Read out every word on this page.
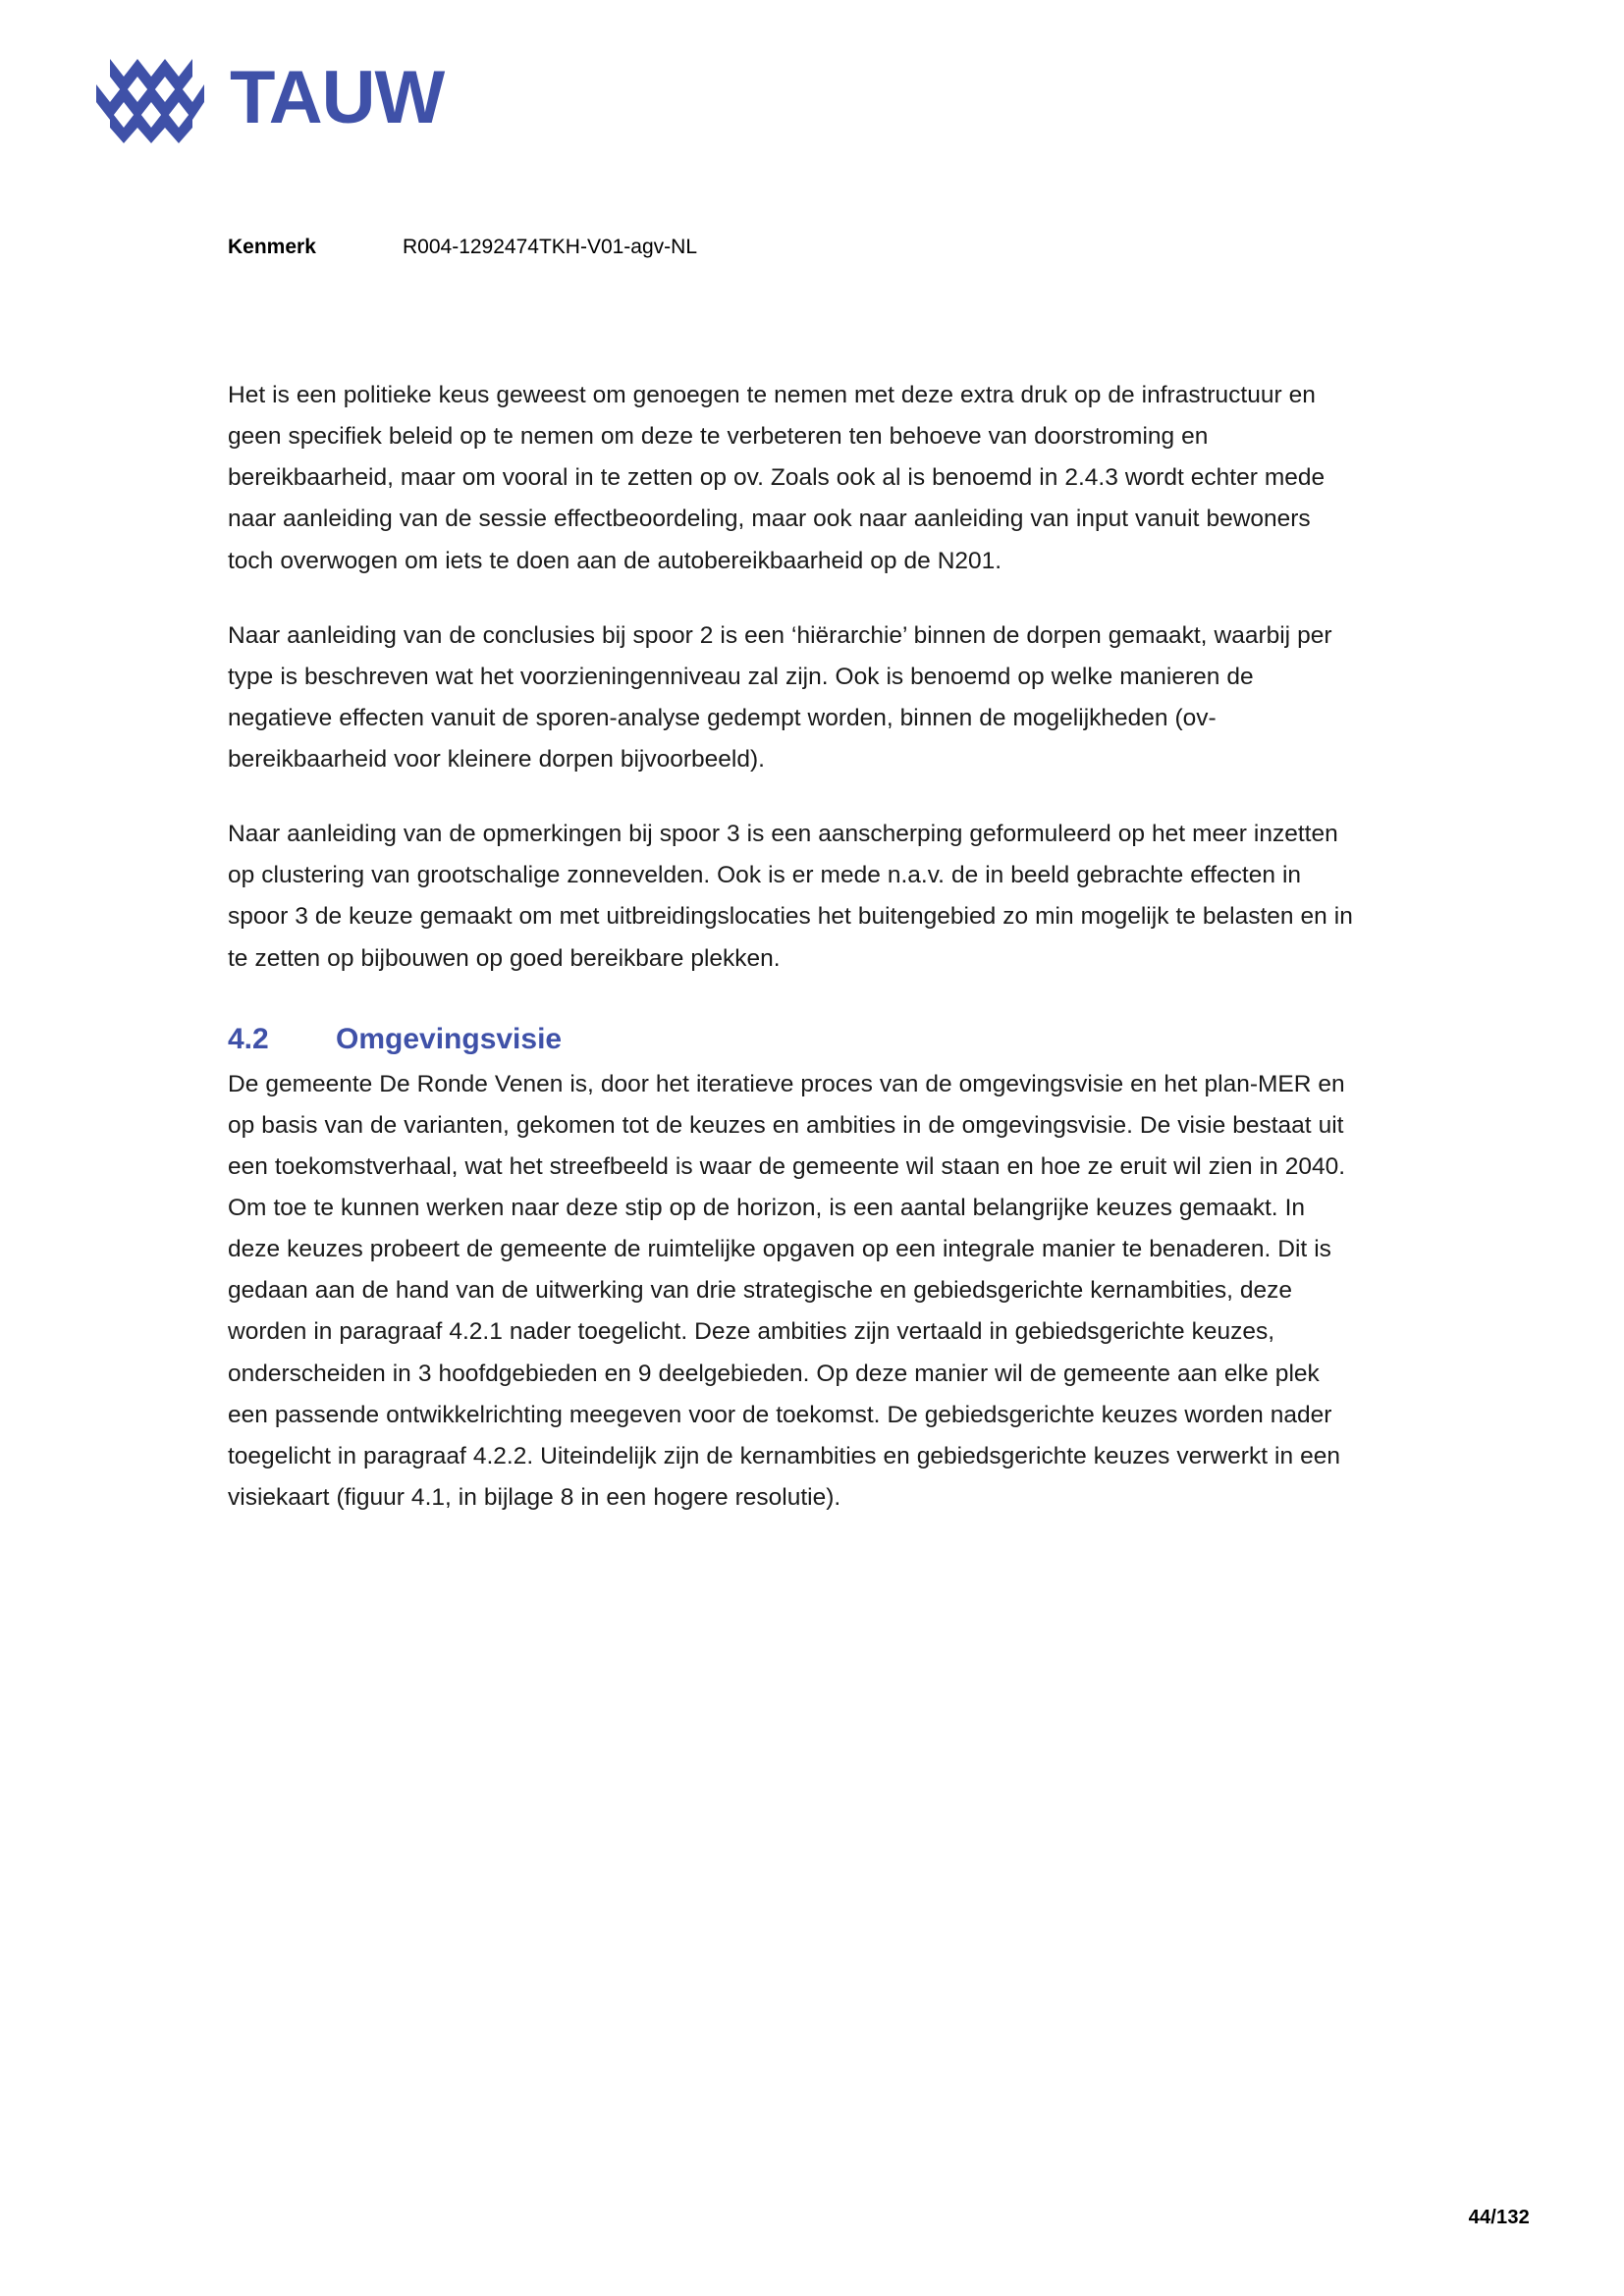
TAUW
Kenmerk	R004-1292474TKH-V01-agv-NL

Het is een politieke keus geweest om genoegen te nemen met deze extra druk op de infrastructuur en geen specifiek beleid op te nemen om deze te verbeteren ten behoeve van doorstroming en bereikbaarheid, maar om vooral in te zetten op ov. Zoals ook al is benoemd in 2.4.3 wordt echter mede naar aanleiding van de sessie effectbeoordeling, maar ook naar aanleiding van input vanuit bewoners toch overwogen om iets te doen aan de autobereikbaarheid op de N201.

Naar aanleiding van de conclusies bij spoor 2 is een ‘hiërarchie’ binnen de dorpen gemaakt, waarbij per type is beschreven wat het voorzieningenniveau zal zijn. Ook is benoemd op welke manieren de negatieve effecten vanuit de sporen-analyse gedempt worden, binnen de mogelijkheden (ov-bereikbaarheid voor kleinere dorpen bijvoorbeeld).

Naar aanleiding van de opmerkingen bij spoor 3 is een aanscherping geformuleerd op het meer inzetten op clustering van grootschalige zonnevelden. Ook is er mede n.a.v. de in beeld gebrachte effecten in spoor 3 de keuze gemaakt om met uitbreidingslocaties het buitengebied zo min mogelijk te belasten en in te zetten op bijbouwen op goed bereikbare plekken.

4.2	Omgevingsvisie

De gemeente De Ronde Venen is, door het iteratieve proces van de omgevingsvisie en het plan-MER en op basis van de varianten, gekomen tot de keuzes en ambities in de omgevingsvisie. De visie bestaat uit een toekomstverhaal, wat het streefbeeld is waar de gemeente wil staan en hoe ze eruit wil zien in 2040. Om toe te kunnen werken naar deze stip op de horizon, is een aantal belangrijke keuzes gemaakt. In deze keuzes probeert de gemeente de ruimtelijke opgaven op een integrale manier te benaderen. Dit is gedaan aan de hand van de uitwerking van drie strategische en gebiedsgerichte kernambities, deze worden in paragraaf 4.2.1 nader toegelicht. Deze ambities zijn vertaald in gebiedsgerichte keuzes, onderscheiden in 3 hoofdgebieden en 9 deelgebieden. Op deze manier wil de gemeente aan elke plek een passende ontwikkelrichting meegeven voor de toekomst. De gebiedsgerichte keuzes worden nader toegelicht in paragraaf 4.2.2. Uiteindelijk zijn de kernambities en gebiedsgerichte keuzes verwerkt in een visiekaart (figuur 4.1, in bijlage 8 in een hogere resolutie).

44/132
